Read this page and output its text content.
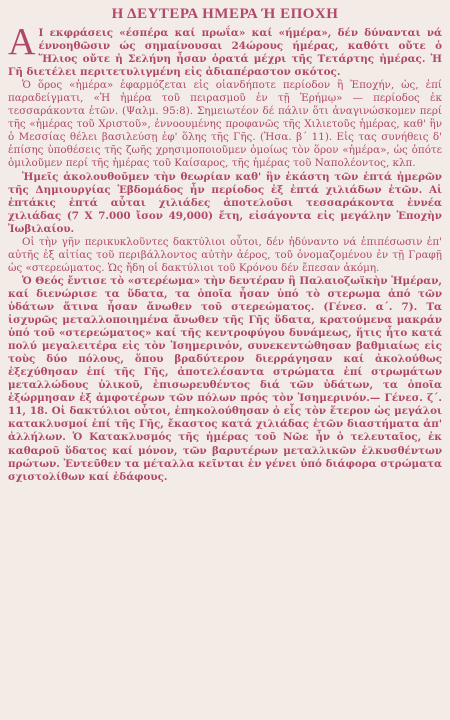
Η ΔΕΥΤΕΡΑ ΗΜΕΡΑ Ή ΕΠΟΧΗ

Α Ι εκφράσεις «έσπέρα καί πρωΐα» καί «ήμέρα», δέν δύνανται νά έννοηθῶσιν ώς σημαίνουσαι 24ώρους ήμέρας, καθότι οὔτε ὁ Ἥλιος οὔτε ἡ Σελήνη ἦσαν ὁρατά μέχρι τῆς Τετάρτης ἡμέρας. Ἡ Γῆ διετέλει περιτετυλιγμένη εἰς ἀδιαπέραστον σκότος.

Ὁ ὅρος «ἡμέρα» ἐφαρμόζεται εἰς οἱανδήποτε περίοδον ἢ Ἐποχήν, ὡς, ἐπί παραδείγματι, «Ἡ ἡμέρα τοῦ πειρασμοῦ ἐν τῇ Ἐρήμῳ» — περίοδος ἐκ τεσσαράκοντα ἐτῶν. (Ψαλμ. 95:8). Σημειωτέον δέ πάλιν ὅτι ἀναγινώσκομεν περί τῆς «ἡμέρας τοῦ Χριστοῦ», ἐννοουμένης προφανῶς τῆς Χιλιετοῦς ἡμέρας, καθ' ἣν ὁ Μεσσίας θέλει βασιλεύσῃ ἐφ' ὅλης τῆς Γῆς. (Ἠσα. β΄ 11). Εἰς τας συνήθεις δ' ἐπίσης ὑποθέσεις τῆς ζωῆς χρησιμοποιοῦμεν ὁμοίως τὸν ὅρον «ἡμέρα», ὡς ὁπότε ὁμιλοῦμεν περί τῆς ἡμέρας τοῦ Καίσαρος, τῆς ἡμέρας τοῦ Ναπολέοντος, κλπ.

Ἡμεῖς ἀκολουθοῦμεν τὴν θεωρίαν καθ' ἣν ἑκάστη τῶν ἑπτά ἡμερῶν τῆς Δημιουργίας Ἑβδομάδος ἦν περίοδος ἐξ ἑπτά χιλιάδων ἐτῶν. Αἱ ἑπτάκις ἑπτά αὗται χιλιάδες ἀποτελοῦσι τεσσαράκοντα ἐννέα χιλιάδας (7 Χ 7.000 ἴσον 49,000) ἔτη, εἰσάγοντα εἰς μεγάλην Ἐποχὴν Ἰωβιλαίου.

Οἱ τὴν γῆν περικυκλοῦντες δακτύλιοι οὗτοι, δέν ἠδύναντο νά ἐπιπέσωσιν ἐπ' αὐτῆς ἐξ αἰτίας τοῦ περιβάλλοντος αὐτὴν ἀέρος, τοῦ ὀνομαζομένου ἐν τῇ Γραφῇ ὡς «στερεώματος. Ὡς ἤδη οἱ δακτύλιοι τοῦ Κρόνου δέν ἔπεσαν ἀκόμη.

Ὁ Θεός ἔντισε τὸ «στερέωμα» τὴν δευτέραν ἢ Παλαιοζωϊκὴν Ἡμέραν, καί διενώρισε τα ὕδατα, τα ὁποῖα ἦσαν ὑπό τὸ στερωμα ἀπό τῶν ὑδάτων ἅτινα ἦσαν ἄνωθεν τοῦ στερεώματος. (Γένεσ. α΄. 7). Τα ἰσχυρῶς μεταλλοποιημένα ἄνωθεν τῆς Γῆς ὕδατα, κρατούμενα μακράν ὑπό τοῦ «στερεώματος» καί τῆς κεντροφύγου δυνάμεως, ἥτις ἦτο κατά πολύ μεγαλειτέρα εἰς τὸν Ἰσημερινόν, συνεκεντώθησαν βαθμιαίως εἰς τοὺς δύο πόλους, ὅπου βραδύτερον διερράγησαν καί ἀκολούθως ἐξεχύθησαν ἐπί τῆς Γῆς, ἀποτελέσαντα στρώματα ἐπί στρωμάτων μεταλλώδους ὑλικοῦ, ἐπισωρευθέντος διά τῶν ὑδάτων, τα ὁποῖα ἐξώρμησαν ἐξ ἀμφοτέρων τῶν πόλων πρός τὸν Ἰσημερινόν.— Γένεσ. ζ΄. 11, 18. Οἱ δακτύλιοι οὗτοι, ἐπηκολούθησαν ὁ εἷς τὸν ἕτερον ὡς μεγάλοι κατακλυσμοί ἐπί τῆς Γῆς, ἔκαστος κατά χιλιάδας ἐτῶν διαστήματα ἀπ' ἀλλήλων. Ὁ Κατακλυσμός τῆς ἡμέρας τοῦ Νῶε ἦν ὁ τελευταῖος, ἐκ καθαροῦ ὕδατος καί μόνον, τῶν βαρυτέρων μεταλλικῶν ἐλκυσθέντων πρώτων. Ἐντεῦθεν τα μέταλλα κεῖνται ἐν γένει ὑπό διάφορα στρώματα σχιστολίθων καί ἐδάφους.
